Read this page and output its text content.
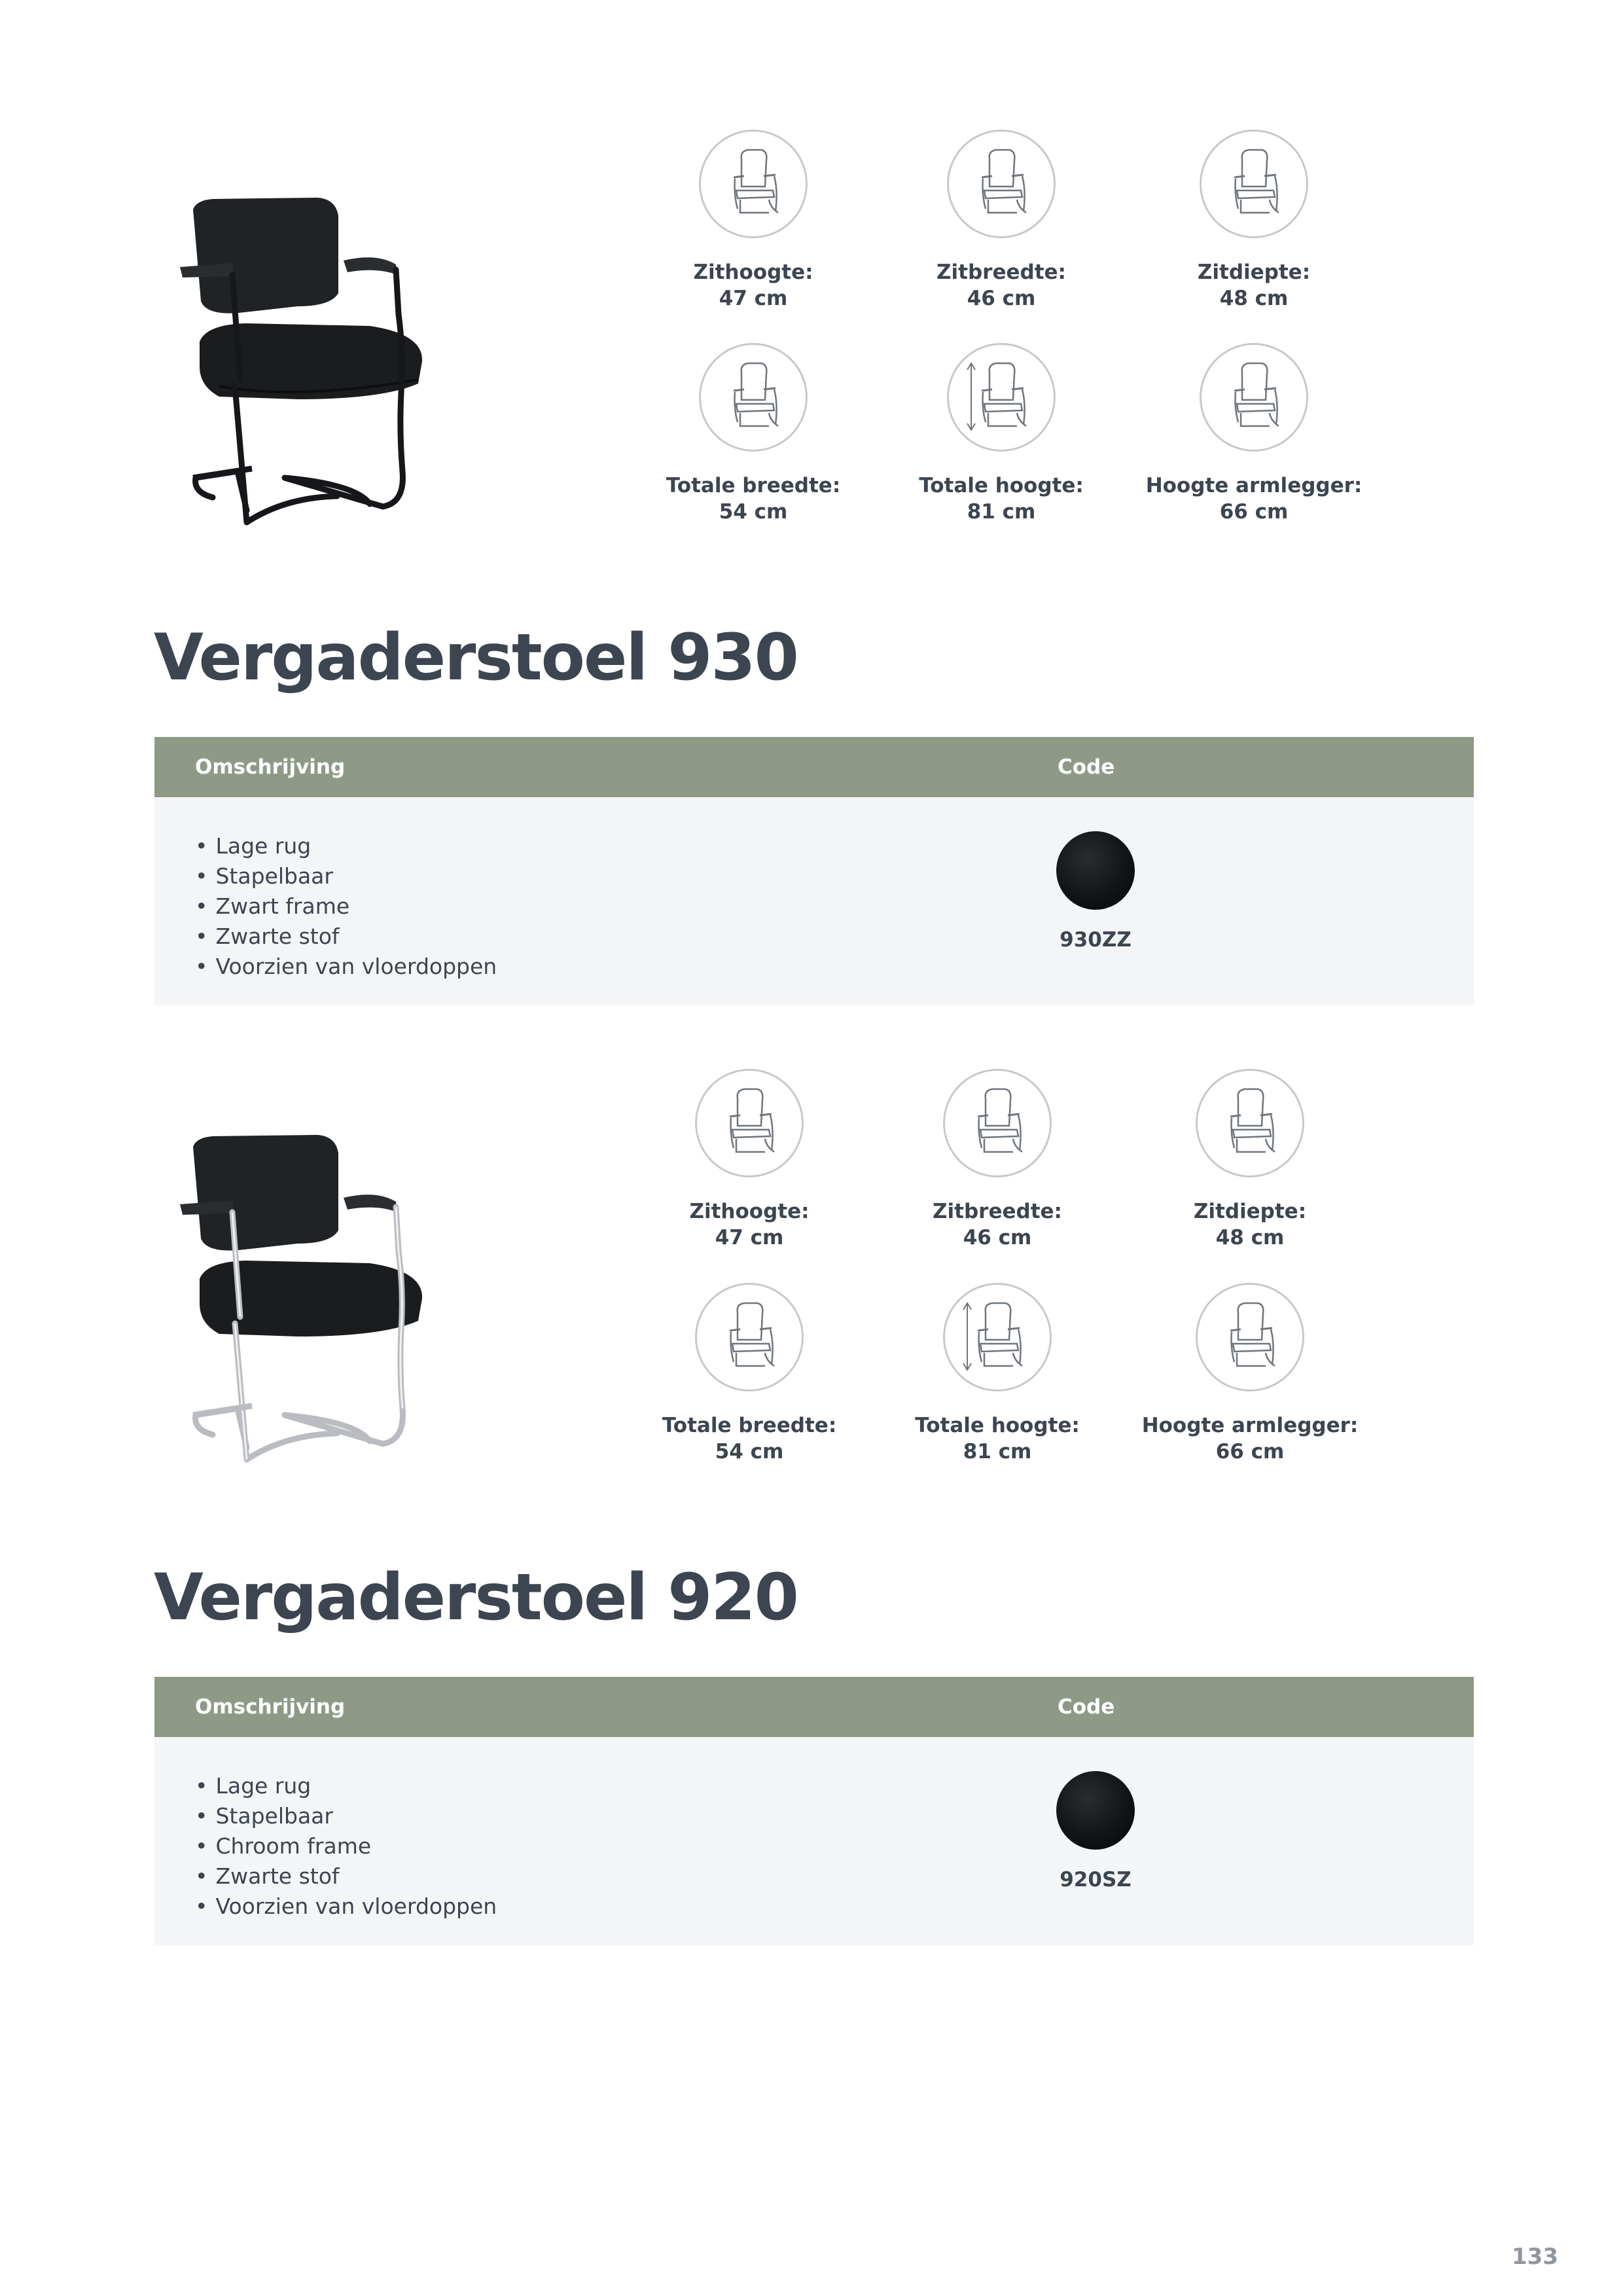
Zithoogte:
47 cm
Zitbreedte:
46 cm
Zitdiepte:
48 cm
Totale breedte:
54 cm
Totale hoogte:
81 cm
Hoogte armlegger:
66 cm
Vergaderstoel 930
Omschrijving	Code
• Lage rug
• Stapelbaar
• Zwart frame
• Zwarte stof
• Voorzien van vloerdoppen
930ZZ
Zithoogte:
47 cm
Zitbreedte:
46 cm
Zitdiepte:
48 cm
Totale breedte:
54 cm
Totale hoogte:
81 cm
Hoogte armlegger:
66 cm
Vergaderstoel 920
Omschrijving	Code
• Lage rug
• Stapelbaar
• Chroom frame
• Zwarte stof
• Voorzien van vloerdoppen
920SZ
133
